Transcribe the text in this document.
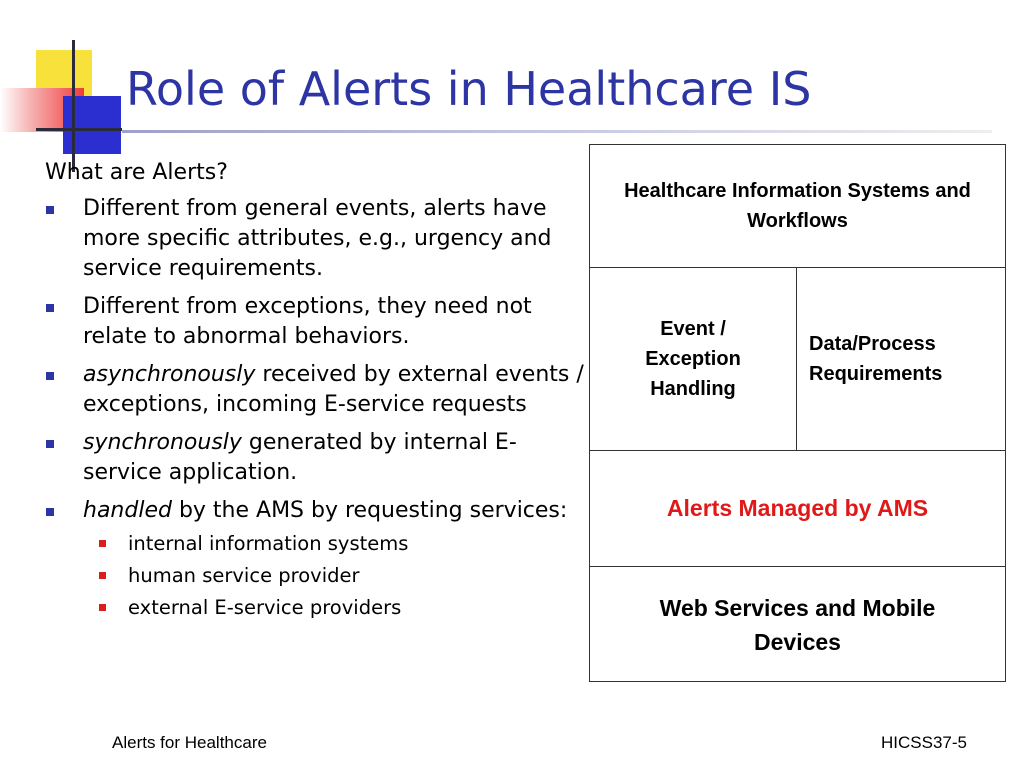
Role of Alerts in Healthcare IS
What are Alerts?
Different from general events, alerts have more specific attributes, e.g., urgency and service requirements.
Different from exceptions, they need not relate to abnormal behaviors.
asynchronously received by external events / exceptions, incoming E-service requests
synchronously generated by internal E-service application.
handled by the AMS by requesting services:
internal information systems
human service provider
external E-service providers
Healthcare Information Systems and Workflows
Event / Exception Handling
Data/Process Requirements
Alerts Managed by AMS
Web Services and Mobile Devices
Alerts for Healthcare	HICSS37-5
